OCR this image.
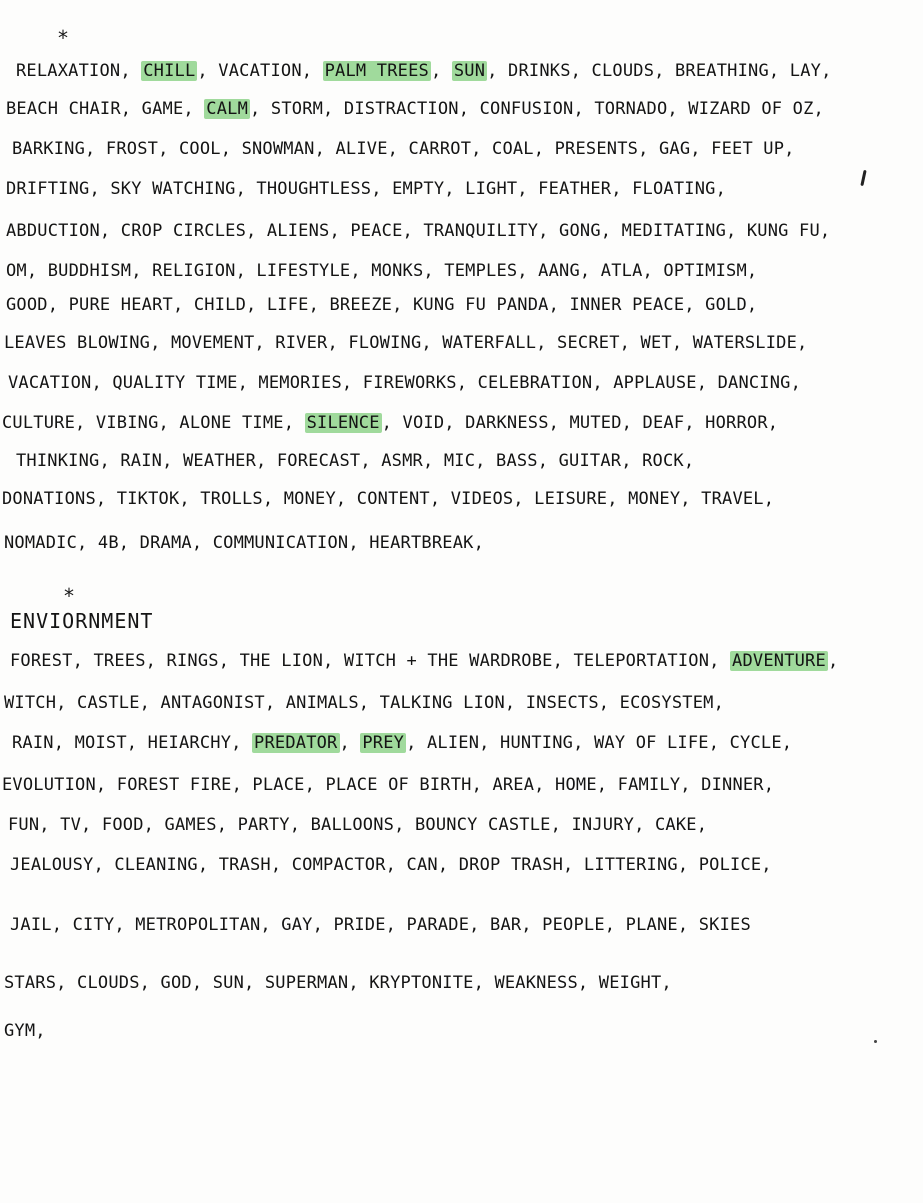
*
RELAXATION, CHILL , VACATION, PALM TREES , SUN , DRINKS, CLOUDS, BREATHING, LAY,
BEACH CHAIR, GAME, CALM , STORM, DISTRACTION, CONFUSION, TORNADO, WIZARD OF OZ,
BARKING, FROST, COOL, SNOWMAN, ALIVE, CARROT, COAL, PRESENTS, GAG, FEET UP,
DRIFTING, SKY WATCHING, THOUGHTLESS, EMPTY, LIGHT, FEATHER, FLOATING,
ABDUCTION, CROP CIRCLES, ALIENS, PEACE, TRANQUILITY, GONG, MEDITATING, KUNG FU,
OM, BUDDHISM, RELIGION, LIFESTYLE, MONKS, TEMPLES, AANG, ATLA, OPTIMISM,
GOOD, PURE HEART, CHILD, LIFE, BREEZE, KUNG FU PANDA, INNER PEACE, GOLD,
LEAVES BLOWING, MOVEMENT, RIVER, FLOWING, WATERFALL, SECRET, WET, WATERSLIDE,
VACATION, QUALITY TIME, MEMORIES, FIREWORKS, CELEBRATION, APPLAUSE, DANCING,
CULTURE, VIBING, ALONE TIME, SILENCE , VOID, DARKNESS, MUTED, DEAF, HORROR,
THINKING, RAIN, WEATHER, FORECAST, ASMR, MIC, BASS, GUITAR, ROCK,
DONATIONS, TIKTOK, TROLLS, MONEY, CONTENT, VIDEOS, LEISURE, MONEY, TRAVEL,
NOMADIC, 4B, DRAMA, COMMUNICATION, HEARTBREAK,
*
ENVIORNMENT
FOREST, TREES, RINGS, THE LION, WITCH + THE WARDROBE, TELEPORTATION, ADVENTURE ,
WITCH, CASTLE, ANTAGONIST, ANIMALS, TALKING LION, INSECTS, ECOSYSTEM,
RAIN, MOIST, HEIARCHY, PREDATOR , PREY , ALIEN, HUNTING, WAY OF LIFE, CYCLE,
EVOLUTION, FOREST FIRE, PLACE, PLACE OF BIRTH, AREA, HOME, FAMILY, DINNER,
FUN, TV, FOOD, GAMES, PARTY, BALLOONS, BOUNCY CASTLE, INJURY, CAKE,
JEALOUSY, CLEANING, TRASH, COMPACTOR, CAN, DROP TRASH, LITTERING, POLICE,
JAIL, CITY, METROPOLITAN, GAY, PRIDE, PARADE, BAR, PEOPLE, PLANE, SKIES
STARS, CLOUDS, GOD, SUN, SUPERMAN, KRYPTONITE, WEAKNESS, WEIGHT,
GYM,
